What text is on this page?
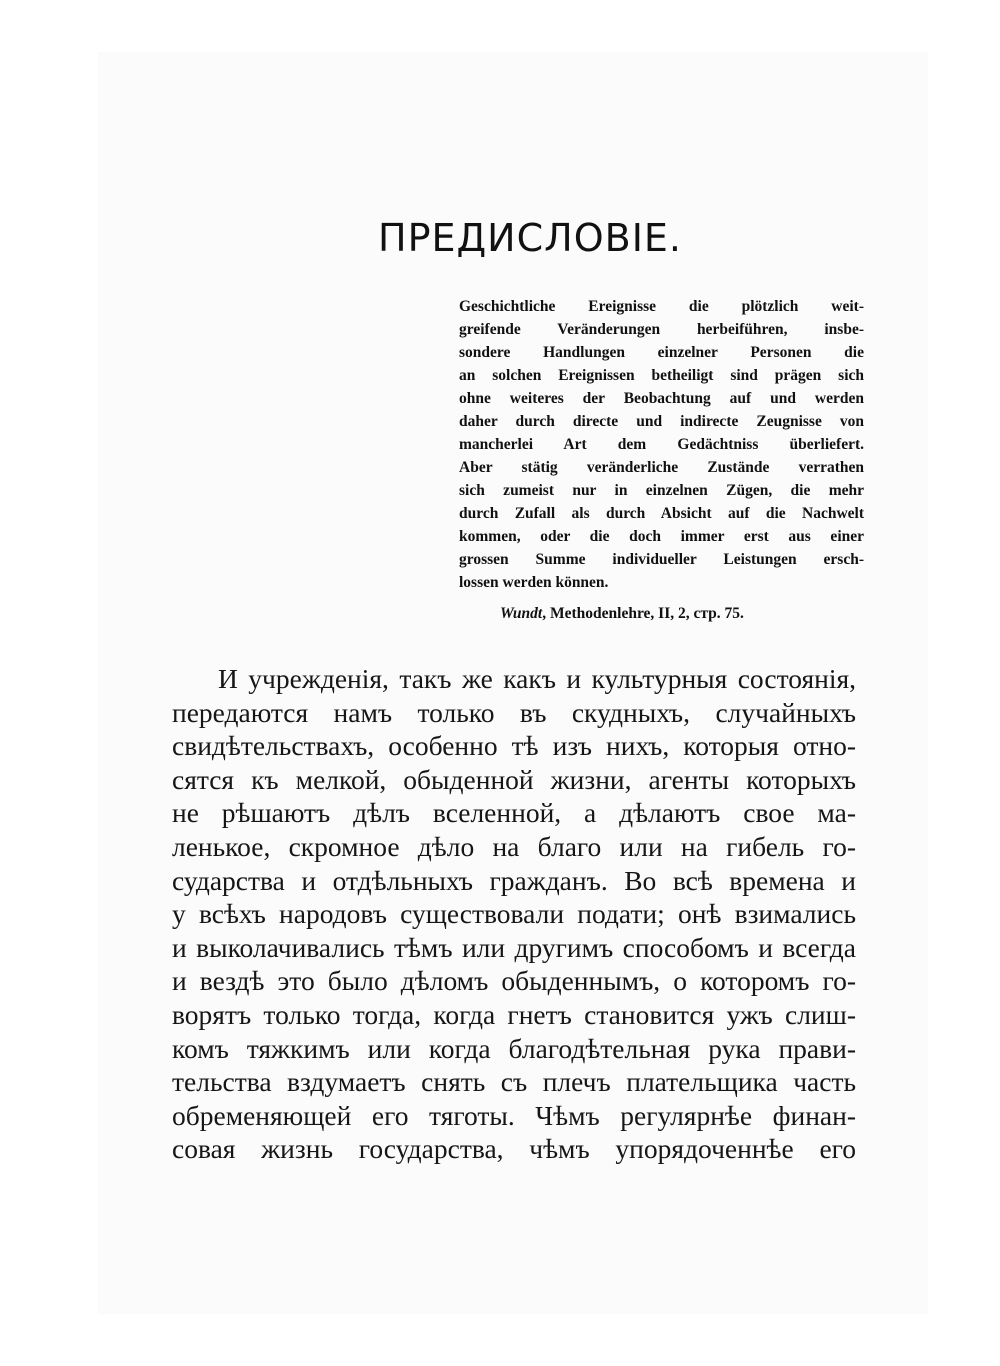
ПРЕДИСЛОВІЕ.
Geschichtliche Ereignisse die plötzlich weit-
greifende Veränderungen herbeiführen, insbe-
sondere Handlungen einzelner Personen die
an solchen Ereignissen betheiligt sind prägen sich
ohne weiteres der Beobachtung auf und werden
daher durch directe und indirecte Zeugnisse von
mancherlei Art dem Gedächtniss überliefert.
Aber stätig veränderliche Zustände verrathen
sich zumeist nur in einzelnen Zügen, die mehr
durch Zufall als durch Absicht auf die Nachwelt
kommen, oder die doch immer erst aus einer
grossen Summe individueller Leistungen ersch-
lossen werden können.
Wundt, Methodenlehre, II, 2, стр. 75.
И учрежденія, такъ же какъ и культурныя состоянія,
передаются намъ только въ скудныхъ, случайныхъ
свидѣтельствахъ, особенно тѣ изъ нихъ, которыя отно-
сятся къ мелкой, обыденной жизни, агенты которыхъ
не рѣшаютъ дѣлъ вселенной, а дѣлаютъ свое ма-
ленькое, скромное дѣло на благо или на гибель го-
сударства и отдѣльныхъ гражданъ. Во всѣ времена и
у всѣхъ народовъ существовали подати; онѣ взимались
и выколачивались тѣмъ или другимъ способомъ и всегда
и вездѣ это было дѣломъ обыденнымъ, о которомъ го-
ворятъ только тогда, когда гнетъ становится ужъ слиш-
комъ тяжкимъ или когда благодѣтельная рука прави-
тельства вздумаетъ снять съ плечъ плательщика часть
обременяющей его тяготы. Чѣмъ регулярнѣе финан-
совая жизнь государства, чѣмъ упорядоченнѣе его
